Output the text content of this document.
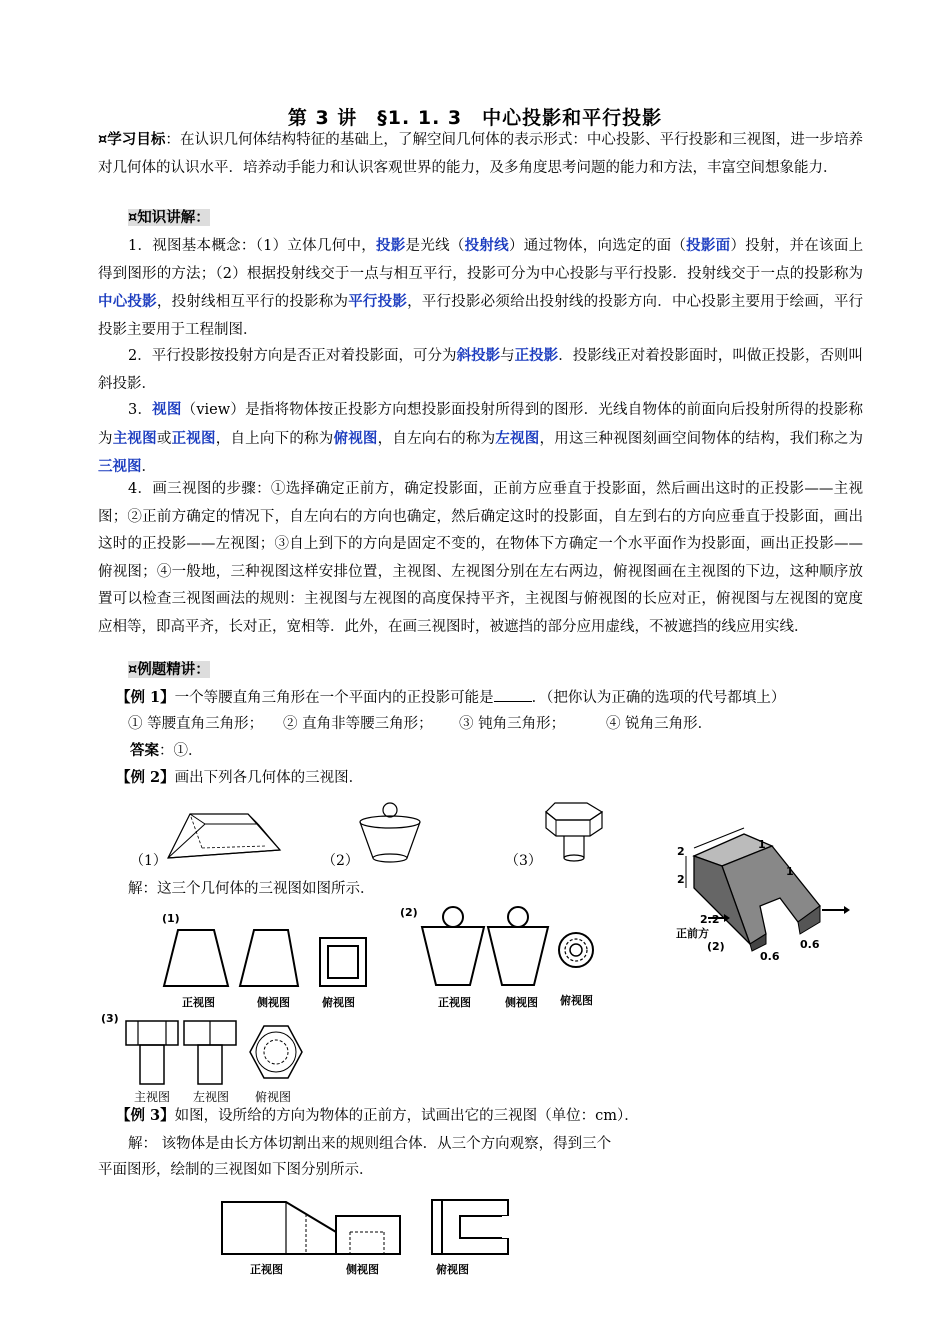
第 3 讲　§1. 1. 3　中心投影和平行投影
¤学习目标：在认识几何体结构特征的基础上，了解空间几何体的表示形式：中心投影、平行投影和三视图，进一步培养对几何体的认识水平．培养动手能力和认识客观世界的能力，及多角度思考问题的能力和方法，丰富空间想象能力．
¤知识讲解：
1．视图基本概念：（1）立体几何中，投影是光线（投射线）通过物体，向选定的面（投影面）投射，并在该面上得到图形的方法；（2）根据投射线交于一点与相互平行，投影可分为中心投影与平行投影．投射线交于一点的投影称为中心投影，投射线相互平行的投影称为平行投影，平行投影必须给出投射线的投影方向．中心投影主要用于绘画，平行投影主要用于工程制图．
2．平行投影按投射方向是否正对着投影面，可分为斜投影与正投影．投影线正对着投影面时，叫做正投影，否则叫斜投影．
3．视图（view）是指将物体按正投影方向想投影面投射所得到的图形．光线自物体的前面向后投射所得的投影称为主视图或正视图，自上向下的称为俯视图，自左向右的称为左视图，用这三种视图刻画空间物体的结构，我们称之为三视图．
4．画三视图的步骤：①选择确定正前方，确定投影面，正前方应垂直于投影面，然后画出这时的正投影——主视图；②正前方确定的情况下，自左向右的方向也确定，然后确定这时的投影面，自左到右的方向应垂直于投影面，画出这时的正投影——左视图；③自上到下的方向是固定不变的，在物体下方确定一个水平面作为投影面，画出正投影——俯视图；④一般地，三种视图这样安排位置，主视图、左视图分别在左右两边，俯视图画在主视图的下边，这种顺序放置可以检查三视图画法的规则：主视图与左视图的高度保持平齐，主视图与俯视图的长应对正，俯视图与左视图的宽度应相等，即高平齐，长对正，宽相等．此外，在画三视图时，被遮挡的部分应用虚线，不被遮挡的线应用实线．
¤例题精讲：
【例 1】一个等腰直角三角形在一个平面内的正投影可能是	．（把你认为正确的选项的代号都填上）
① 等腰直角三角形； ② 直角非等腰三角形； ③ 钝角三角形；	④ 锐角三角形．
答案：①．
【例 2】画出下列各几何体的三视图．
（1）	（2）	（3）
正前方
(2)
2
1
2
1
2.2
0.6
0.6
解：这三个几何体的三视图如图所示．
(1)
正视图	侧视图	俯视图
(2)
正视图	侧视图 俯视图
(3)
主视图 左视图 俯视图
【例 3】如图，设所给的方向为物体的正前方，试画出它的三视图（单位：cm）．
解： 该物体是由长方体切割出来的规则组合体．从三个方向观察，得到三个
平面图形，绘制的三视图如下图分别所示．
正视图	侧视图	俯视图
